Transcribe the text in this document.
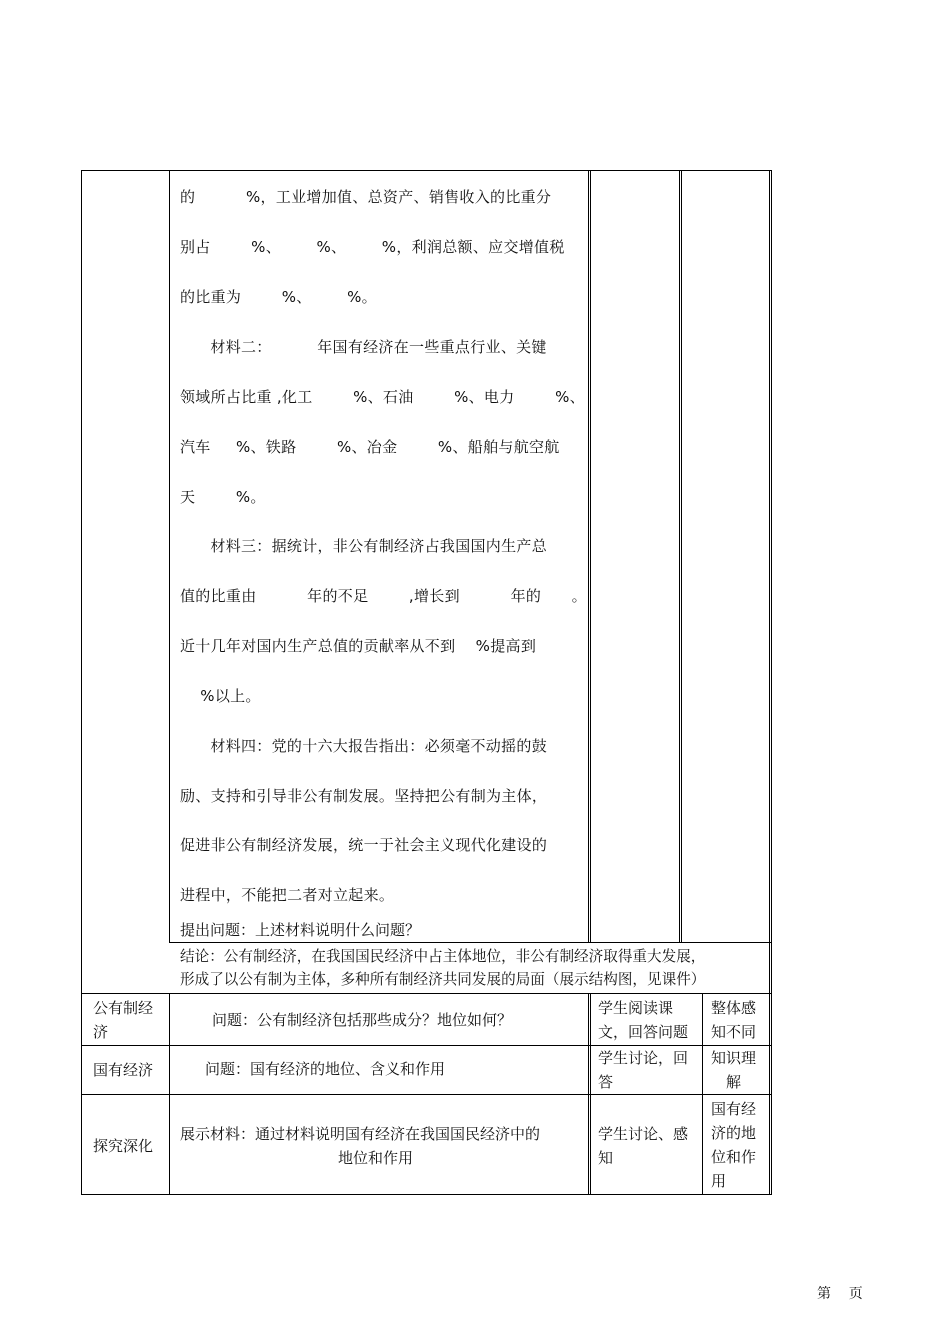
的          %，工业增加值、总资产、销售收入的比重分
别占        %、       %、       %，利润总额、应交增值税
的比重为        %、       %。
材料二：         年国有经济在一些重点行业、关键
领域所占比重 ,化工        %、石油        %、电力        %、
汽车     %、铁路        %、冶金        %、船舶与航空航
天        %。
材料三：据统计，非公有制经济占我国国内生产总
值的比重由          年的不足        ,增长到          年的      。
近十几年对国内生产总值的贡献率从不到    %提高到
%以上。
材料四：党的十六大报告指出：必须毫不动摇的鼓
励、支持和引导非公有制发展。坚持把公有制为主体，
促进非公有制经济发展，统一于社会主义现代化建设的
进程中，不能把二者对立起来。
提出问题：上述材料说明什么问题？
结论：公有制经济，在我国国民经济中占主体地位，非公有制经济取得重大发展，
形成了以公有制为主体，多种所有制经济共同发展的局面（展示结构图，见课件）
公有制经
济
问题：公有制经济包括那些成分？地位如何？
学生阅读课
文，回答问题
整体感
知不同
国有经济	问题：国有经济的地位、含义和作用
学生讨论，回
答
知识理
解
探究深化
展示材料：通过材料说明国有经济在我国国民经济中的
地位和作用
学生讨论、感
知
国有经
济的地
位和作
用
第    页
